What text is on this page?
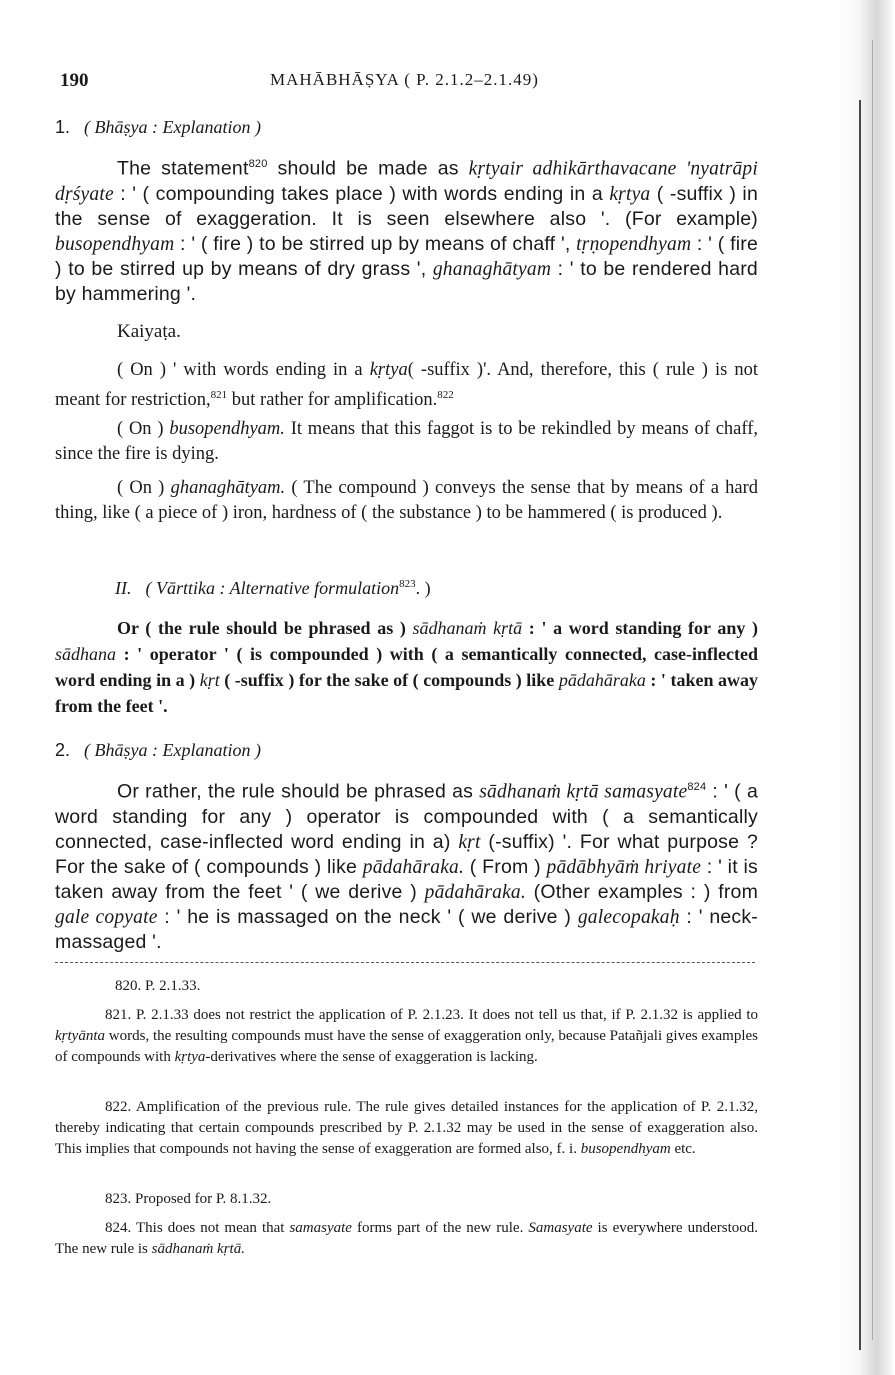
190	MAHĀBHĀṢYA ( P. 2.1.2–2.1.49)
1. ( Bhāṣya : Explanation )
The statement$^{820}$ should be made as kṛtyair adhikārthavacane 'nyatrāpi dṛśyate : ' ( compounding takes place ) with words ending in a kṛtya ( -suffix ) in the sense of exaggeration. It is seen elsewhere also '. (For example) busopendhyam : ' ( fire ) to be stirred up by means of chaff ', tṛṇopendhyam : ' ( fire ) to be stirred up by means of dry grass ', ghanaghātyam : ' to be rendered hard by hammering '.
Kaiyaṭa.
( On ) ' with words ending in a kṛtya( -suffix )'. And, therefore, this ( rule ) is not meant for restriction,$^{821}$ but rather for amplification.$^{822}$
( On ) busopendhyam. It means that this faggot is to be rekindled by means of chaff, since the fire is dying.
( On ) ghanaghātyam. ( The compound ) conveys the sense that by means of a hard thing, like ( a piece of ) iron, hardness of ( the substance ) to be hammered ( is produced ).
II. ( Vārttika : Alternative formulation$^{823}$. )
Or ( the rule should be phrased as ) sādhanaṁ kṛtā : ' a word standing for any ) sādhana : ' operator ' ( is compounded ) with ( a semantically connected, case-inflected word ending in a ) kṛt ( -suffix ) for the sake of ( compounds ) like pādahāraka : ' taken away from the feet '.
2. ( Bhāṣya : Explanation )
Or rather, the rule should be phrased as sādhanaṁ kṛtā samasyate$^{824}$ : ' ( a word standing for any ) operator is compounded with ( a semantically connected, case-inflected word ending in a) kṛt (-suffix) '. For what purpose ? For the sake of ( compounds ) like pādahāraka. ( From ) pādābhyāṁ hriyate : ' it is taken away from the feet ' ( we derive ) pādahāraka. (Other examples : ) from gale copyate : ' he is massaged on the neck ' ( we derive ) galecopakaḥ : ' neck-massaged '.
820. P. 2.1.33.
821. P. 2.1.33 does not restrict the application of P. 2.1.23. It does not tell us that, if P. 2.1.32 is applied to kṛtyānta words, the resulting compounds must have the sense of exaggeration only, because Patañjali gives examples of compounds with kṛtya-derivatives where the sense of exaggeration is lacking.
822. Amplification of the previous rule. The rule gives detailed instances for the application of P. 2.1.32, thereby indicating that certain compounds prescribed by P. 2.1.32 may be used in the sense of exaggeration also. This implies that compounds not having the sense of exaggeration are formed also, f. i. busopendhyam etc.
823. Proposed for P. 8.1.32.
824. This does not mean that samasyate forms part of the new rule. Samasyate is everywhere understood. The new rule is sādhanaṁ kṛtā.
